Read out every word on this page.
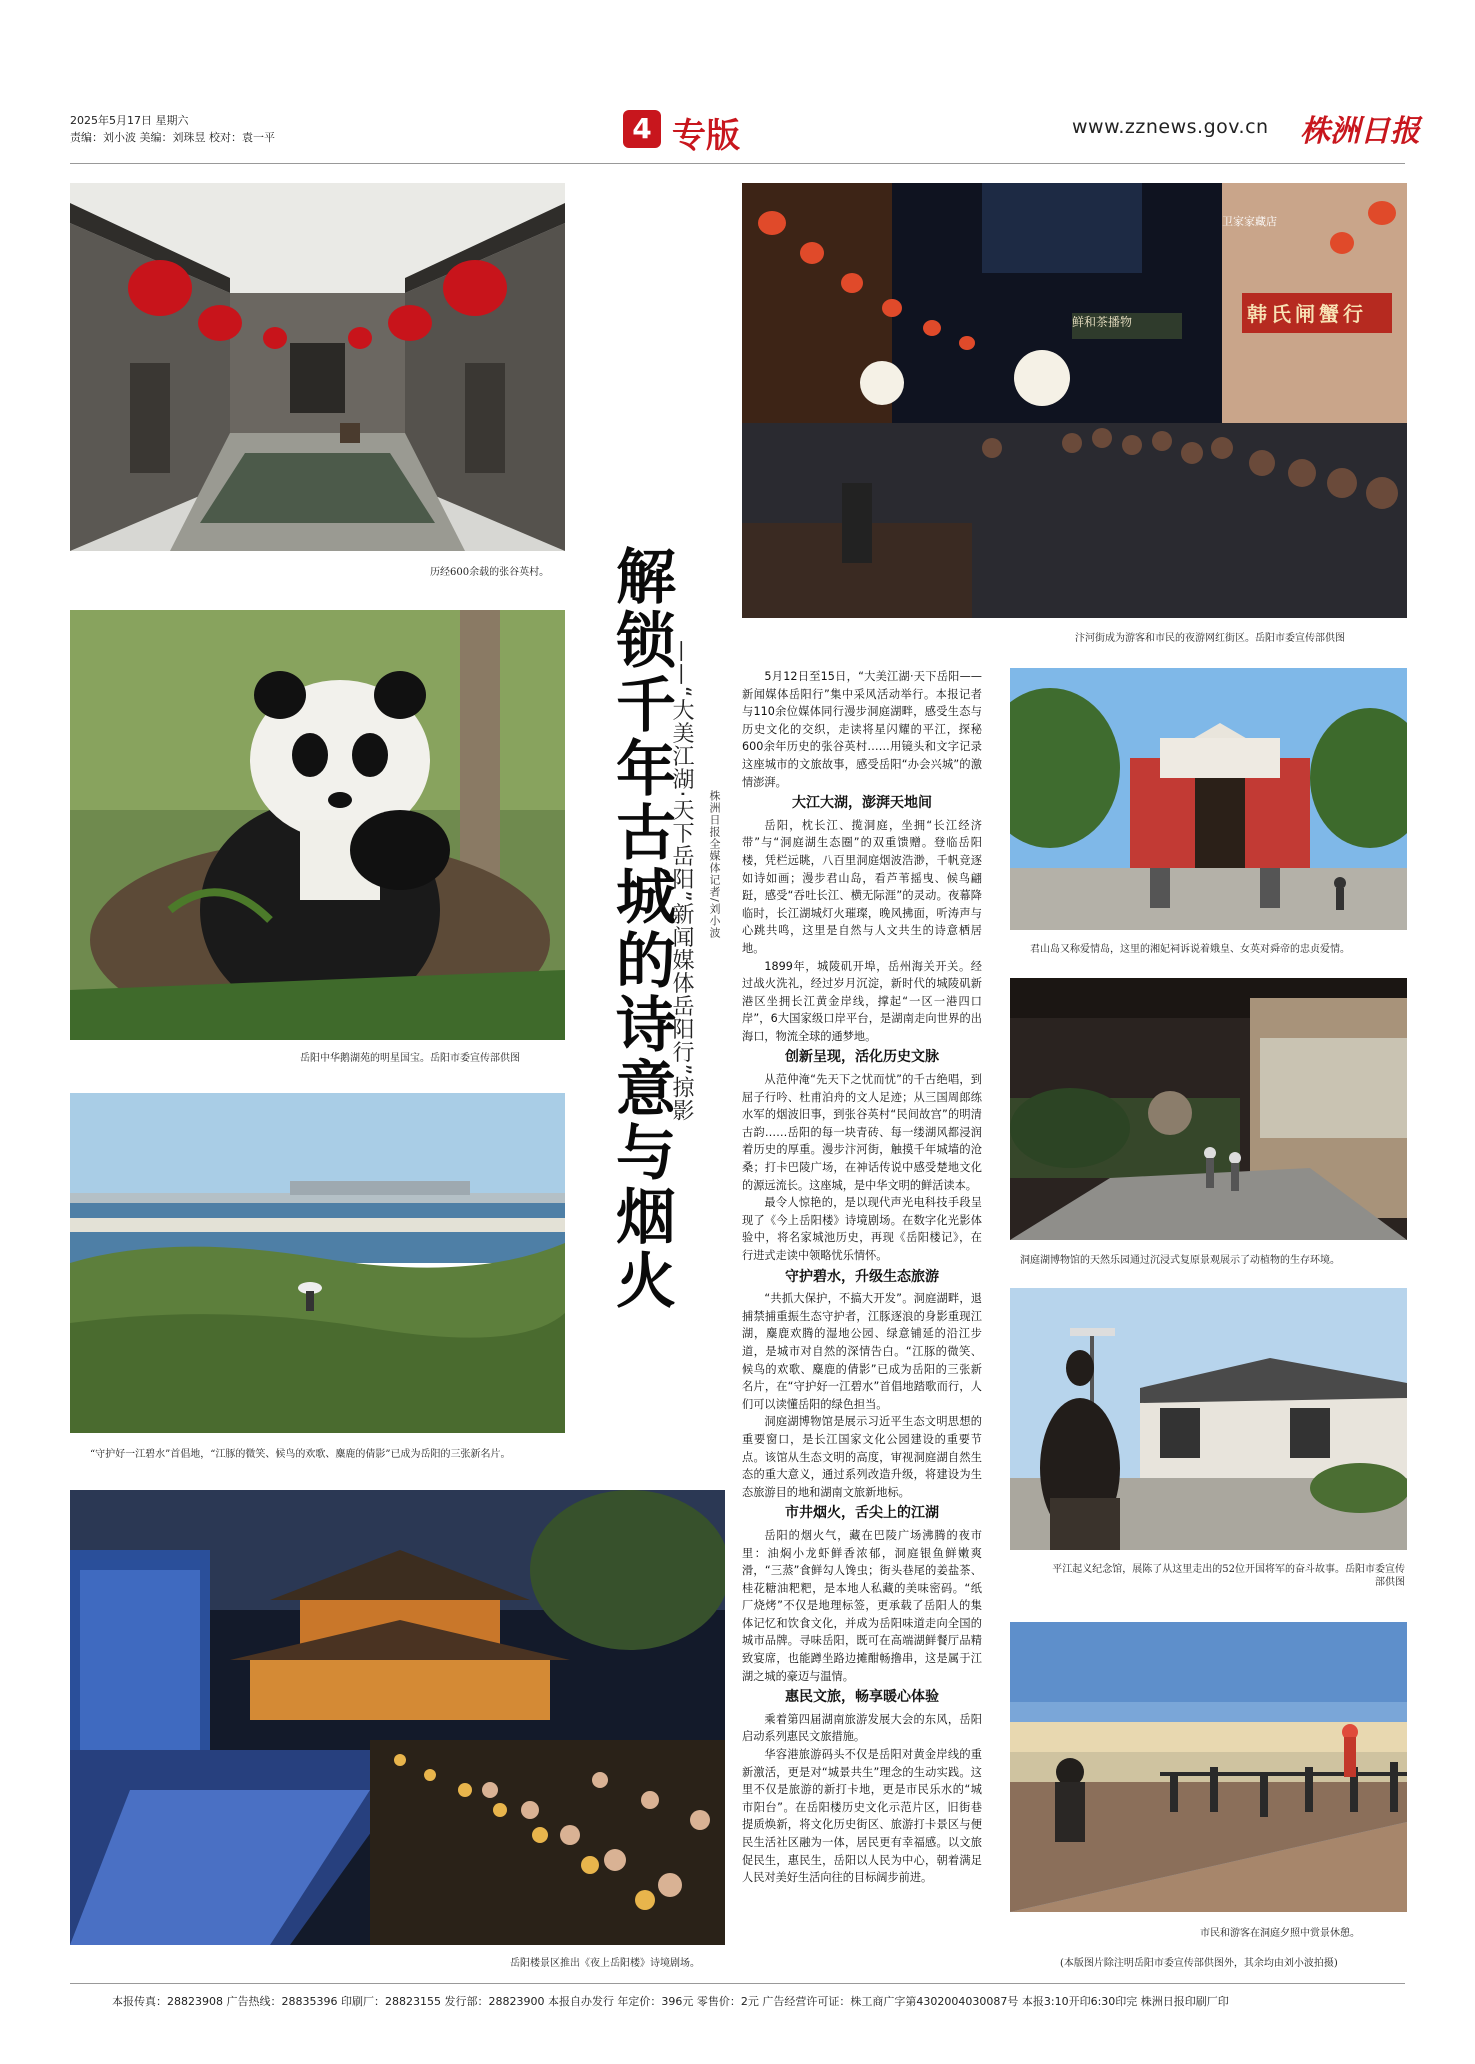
2025年5月17日 星期六
责编：刘小波 美编：刘珠昱 校对：袁一平	4 专版	www.zznews.gov.cn 株洲日报
历经600余载的张谷英村。
岳阳中华鹅湖苑的明星国宝。岳阳市委宣传部供图
“守护好一江碧水”首倡地，“江豚的微笑、候鸟的欢歌、麋鹿的倩影”已成为岳阳的三张新名片。
岳阳楼景区推出《夜上岳阳楼》诗境剧场。
解锁千年古城的诗意与烟火
——“大美江湖·天下岳阳”新闻媒体岳阳行”掠影 株洲日报全媒体记者/刘小波
鲜和茶播物	韩氏闸蟹行
卫家家藏店
汴河街成为游客和市民的夜游网红街区。岳阳市委宣传部供图

5月12日至15日，“大美江湖·天下岳阳——新闻媒体岳阳行”集中采风活动举行。本报记者与110余位媒体同行漫步洞庭湖畔，感受生态与历史文化的交织，走读将星闪耀的平江，探秘600余年历史的张谷英村……用镜头和文字记录这座城市的文旅故事，感受岳阳“办会兴城”的激情澎湃。

大江大湖，澎湃天地间

岳阳，枕长江、揽洞庭，坐拥“长江经济带”与“洞庭湖生态圈”的双重馈赠。登临岳阳楼，凭栏远眺，八百里洞庭烟波浩渺，千帆竞逐如诗如画；漫步君山岛，看芦苇摇曳、候鸟翩跹，感受“吞吐长江、横无际涯”的灵动。夜幕降临时，长江湖城灯火璀璨，晚风拂面，听涛声与心跳共鸣，这里是自然与人文共生的诗意栖居地。

1899年，城陵矶开埠，岳州海关开关。经过战火洗礼，经过岁月沉淀，新时代的城陵矶新港区坐拥长江黄金岸线，撑起“一区一港四口岸”，6大国家级口岸平台，是湖南走向世界的出海口，物流全球的通梦地。

创新呈现，活化历史文脉

从范仲淹“先天下之忧而忧”的千古绝唱，到屈子行吟、杜甫泊舟的文人足迹；从三国周郎练水军的烟波旧事，到张谷英村“民间故宫”的明清古韵……岳阳的每一块青砖、每一缕湖风都浸润着历史的厚重。漫步汴河街，触摸千年城墙的沧桑；打卡巴陵广场，在神话传说中感受楚地文化的源远流长。这座城，是中华文明的鲜活读本。

最令人惊艳的，是以现代声光电科技手段呈现了《今上岳阳楼》诗境剧场。在数字化光影体验中，将名家城池历史，再现《岳阳楼记》，在行进式走读中领略忧乐情怀。

守护碧水，升级生态旅游

“共抓大保护，不搞大开发”。洞庭湖畔，退捕禁捕重振生态守护者，江豚逐浪的身影重现江湖，麋鹿欢腾的湿地公园、绿意铺延的沿江步道，是城市对自然的深情告白。“江豚的微笑、候鸟的欢歌、麋鹿的倩影”已成为岳阳的三张新名片，在“守护好一江碧水”首倡地踏歌而行，人们可以读懂岳阳的绿色担当。

洞庭湖博物馆是展示习近平生态文明思想的重要窗口，是长江国家文化公园建设的重要节点。该馆从生态文明的高度，审视洞庭湖自然生态的重大意义，通过系列改造升级，将建设为生态旅游目的地和湖南文旅新地标。

市井烟火，舌尖上的江湖

岳阳的烟火气，藏在巴陵广场沸腾的夜市里：油焖小龙虾鲜香浓郁，洞庭银鱼鲜嫩爽滑，“三蒸”食鲜勾人馋虫；街头巷尾的姜盐茶、桂花糖油粑粑，是本地人私藏的美味密码。“纸厂烧烤”不仅是地理标签，更承载了岳阳人的集体记忆和饮食文化，并成为岳阳味道走向全国的城市品牌。寻味岳阳，既可在高端湖鲜餐厅品精致宴席，也能蹲坐路边摊酣畅撸串，这是属于江湖之城的豪迈与温情。

惠民文旅，畅享暖心体验

乘着第四届湖南旅游发展大会的东风，岳阳启动系列惠民文旅措施。

华容港旅游码头不仅是岳阳对黄金岸线的重新激活，更是对“城景共生”理念的生动实践。这里不仅是旅游的新打卡地，更是市民乐水的“城市阳台”。在岳阳楼历史文化示范片区，旧街巷提质焕新，将文化历史街区、旅游打卡景区与便民生活社区融为一体，居民更有幸福感。以文旅促民生，惠民生，岳阳以人民为中心，朝着满足人民对美好生活向往的目标阔步前进。

君山岛又称爱情岛，这里的湘妃祠诉说着娥皇、女英对舜帝的忠贞爱情。
洞庭湖博物馆的天然乐园通过沉浸式复原景观展示了动植物的生存环境。
平江起义纪念馆，展陈了从这里走出的52位开国将军的奋斗故事。岳阳市委宣传部供图
市民和游客在洞庭夕照中赏景休憩。
(本版图片除注明岳阳市委宣传部供图外，其余均由刘小波拍摄)
本报传真：28823908 广告热线：28835396 印刷厂：28823155 发行部：28823900 本报自办发行 年定价：396元 零售价：2元 广告经营许可证：株工商广字第4302004030087号 本报3:10开印6:30印完 株洲日报印刷厂印
